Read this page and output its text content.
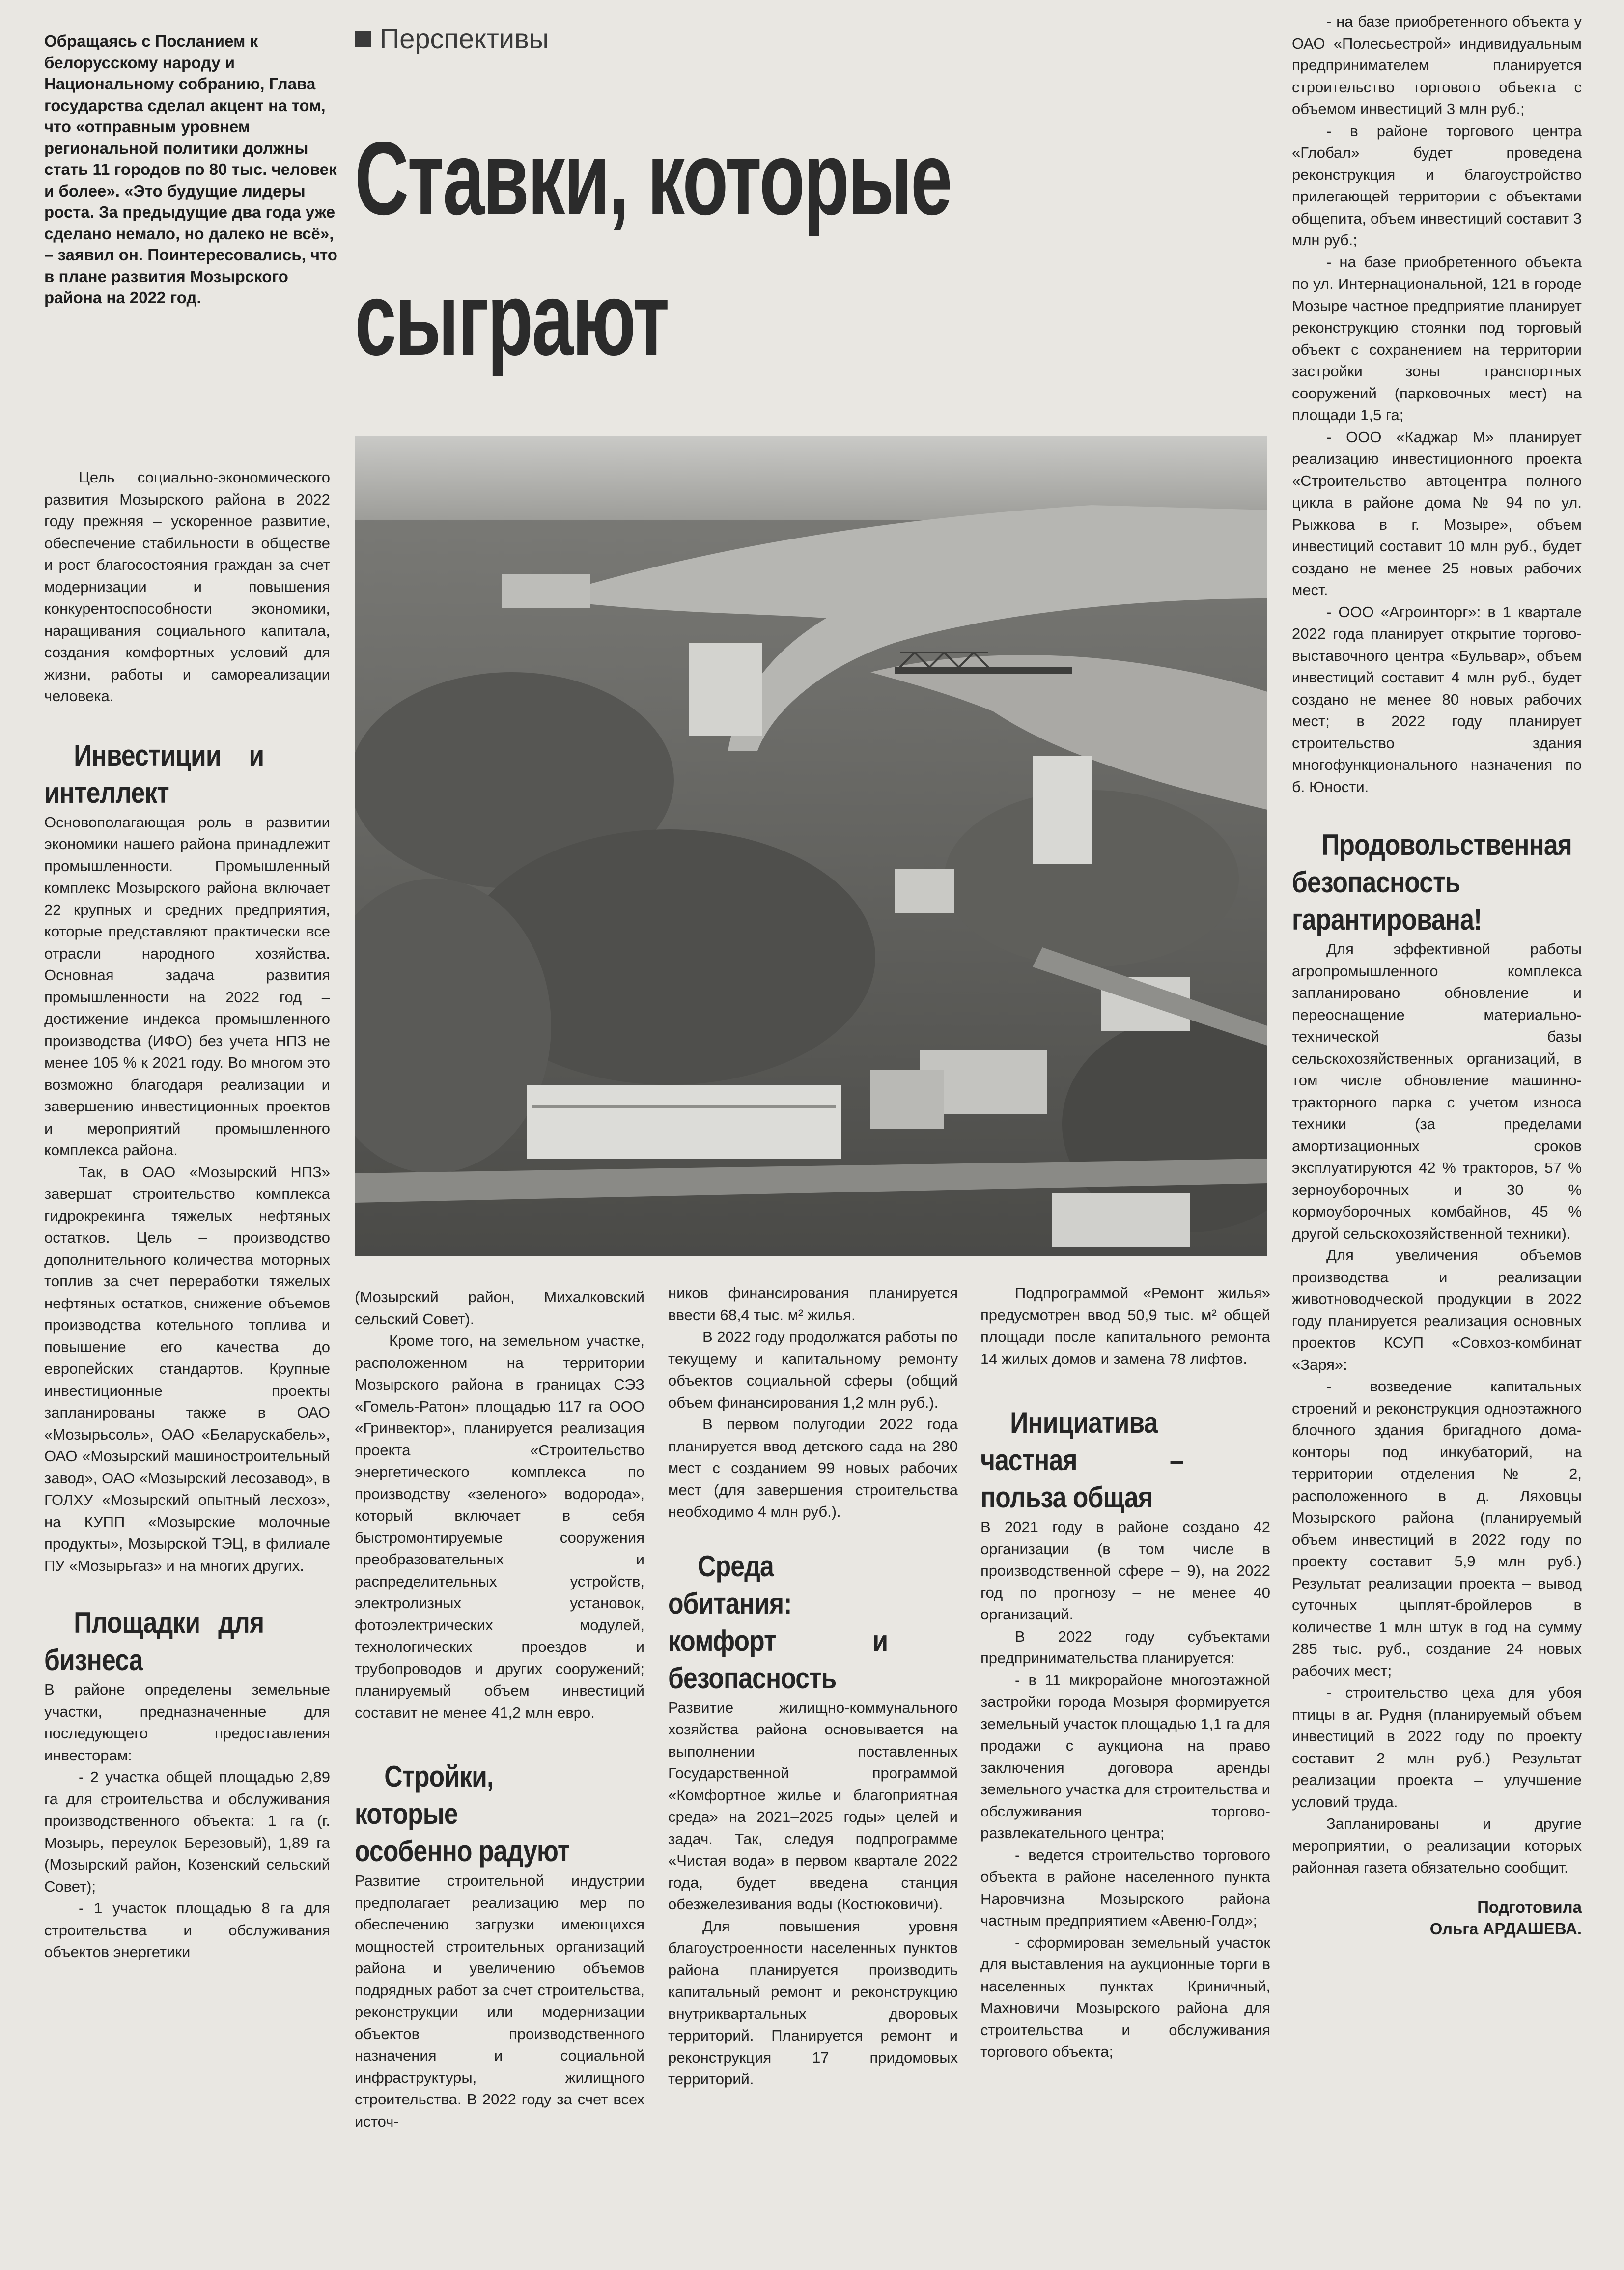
Обращаясь с Посланием к белорусскому народу и Национальному собранию, Глава государства сделал акцент на том, что «отправным уровнем региональной политики должны стать 11 городов по 80 тыс. человек и более». «Это будущие лидеры роста. За предыдущие два года уже сделано немало, но далеко не всё», – заявил он. Поинтересовались, что в плане развития Мозырского района на 2022 год.
Перспективы
Ставки, которые сыграют

Цель социально-экономического развития Мозырского района в 2022 году прежняя – ускоренное развитие, обеспечение стабильности в обществе и рост благосостояния граждан за счет модернизации и повышения конкурентоспособности экономики, наращивания социального капитала, создания комфортных условий для жизни, работы и самореализации человека.

Инвестиции и интеллект

Основополагающая роль в развитии экономики нашего района принадлежит промышленности. Промышленный комплекс Мозырского района включает 22 крупных и средних предприятия, которые представляют практически все отрасли народного хозяйства. Основная задача развития промышленности на 2022 год – достижение индекса промышленного производства (ИФО) без учета НПЗ не менее 105 % к 2021 году. Во многом это возможно благодаря реализации и завершению инвестиционных проектов и мероприятий промышленного комплекса района.

Так, в ОАО «Мозырский НПЗ» завершат строительство комплекса гидрокрекинга тяжелых нефтяных остатков. Цель – производство дополнительного количества моторных топлив за счет переработки тяжелых нефтяных остатков, снижение объемов производства котельного топлива и повышение его качества до европейских стандартов. Крупные инвестиционные проекты запланированы также в ОАО «Мозырьсоль», ОАО «Беларускабель», ОАО «Мозырский машиностроительный завод», ОАО «Мозырский лесозавод», в ГОЛХУ «Мозырский опытный лесхоз», на КУПП «Мозырские молочные продукты», Мозырской ТЭЦ, в филиале ПУ «Мозырьгаз» и на многих других.

Площадки для бизнеса

В районе определены земельные участки, предназначенные для последующего предоставления инвесторам:

- 2 участка общей площадью 2,89 га для строительства и обслуживания производственного объекта: 1 га (г. Мозырь, переулок Березовый), 1,89 га (Мозырский район, Козенский сельский Совет);

- 1 участок площадью 8 га для строительства и обслуживания объектов энергетики

(Мозырский район, Михалковский сельский Совет).

Кроме того, на земельном участке, расположенном на территории Мозырского района в границах СЭЗ «Гомель-Ратон» площадью 117 га ООО «Гринвектор», планируется реализация проекта «Строительство энергетического комплекса по производству «зеленого» водорода», который включает в себя быстромонтируемые сооружения преобразовательных и распределительных устройств, электролизных установок, фотоэлектрических модулей, технологических проездов и трубопроводов и других сооружений; планируемый объем инвестиций составит не менее 41,2 млн евро.

Стройки, которые особенно радуют

Развитие строительной индустрии предполагает реализацию мер по обеспечению загрузки имеющихся мощностей строительных организаций района и увеличению объемов подрядных работ за счет строительства, реконструкции или модернизации объектов производственного назначения и социальной инфраструктуры, жилищного строительства. В 2022 году за счет всех источ-

ников финансирования планируется ввести 68,4 тыс. м² жилья.

В 2022 году продолжатся работы по текущему и капитальному ремонту объектов социальной сферы (общий объем финансирования 1,2 млн руб.).

В первом полугодии 2022 года планируется ввод детского сада на 280 мест с созданием 99 новых рабочих мест (для завершения строительства необходимо 4 млн руб.).

Среда обитания: комфорт и безопасность

Развитие жилищно-коммунального хозяйства района основывается на выполнении поставленных Государственной программой «Комфортное жилье и благоприятная среда» на 2021–2025 годы» целей и задач. Так, следуя подпрограмме «Чистая вода» в первом квартале 2022 года, будет введена станция обезжелезивания воды (Костюковичи).

Для повышения уровня благоустроенности населенных пунктов района планируется производить капитальный ремонт и реконструкцию внутриквартальных дворовых территорий. Планируется ремонт и реконструкция 17 придомовых территорий.

Подпрограммой «Ремонт жилья» предусмотрен ввод 50,9 тыс. м² общей площади после капитального ремонта 14 жилых домов и замена 78 лифтов.

Инициатива частная – польза общая

В 2021 году в районе создано 42 организации (в том числе в производственной сфере – 9), на 2022 год по прогнозу – не менее 40 организаций.

В 2022 году субъектами предпринимательства планируется:

- в 11 микрорайоне многоэтажной застройки города Мозыря формируется земельный участок площадью 1,1 га для продажи с аукциона на право заключения договора аренды земельного участка для строительства и обслуживания торгово-развлекательного центра;

- ведется строительство торгового объекта в районе населенного пункта Наровчизна Мозырского района частным предприятием «Авеню-Голд»;

- сформирован земельный участок для выставления на аукционные торги в населенных пунктах Криничный, Махновичи Мозырского района для строительства и обслуживания торгового объекта;

- на базе приобретенного объекта у ОАО «Полесьестрой» индивидуальным предпринимателем планируется строительство торгового объекта с объемом инвестиций 3 млн руб.;

- в районе торгового центра «Глобал» будет проведена реконструкция и благоустройство прилегающей территории с объектами общепита, объем инвестиций составит 3 млн руб.;

- на базе приобретенного объекта по ул. Интернациональной, 121 в городе Мозыре частное предприятие планирует реконструкцию стоянки под торговый объект с сохранением на территории застройки зоны транспортных сооружений (парковочных мест) на площади 1,5 га;

- ООО «Каджар М» планирует реализацию инвестиционного проекта «Строительство автоцентра полного цикла в районе дома № 94 по ул. Рыжкова в г. Мозыре», объем инвестиций составит 10 млн руб., будет создано не менее 25 новых рабочих мест.

- ООО «Агроинторг»: в 1 квартале 2022 года планирует открытие торгово-выставочного центра «Бульвар», объем инвестиций составит 4 млн руб., будет создано не менее 80 новых рабочих мест; в 2022 году планирует строительство здания многофункционального назначения по б. Юности.

Продовольственная безопасность гарантирована!

Для эффективной работы агропромышленного комплекса запланировано обновление и переоснащение материально-технической базы сельскохозяйственных организаций, в том числе обновление машинно-тракторного парка с учетом износа техники (за пределами амортизационных сроков эксплуатируются 42 % тракторов, 57 % зерноуборочных и 30 % кормоуборочных комбайнов, 45 % другой сельскохозяйственной техники).

Для увеличения объемов производства и реализации животноводческой продукции в 2022 году планируется реализация основных проектов КСУП «Совхоз-комбинат «Заря»:

- возведение капитальных строений и реконструкция одноэтажного блочного здания бригадного дома-конторы под инкубаторий, на территории отделения № 2, расположенного в д. Ляховцы Мозырского района (планируемый объем инвестиций в 2022 году по проекту составит 5,9 млн руб.) Результат реализации проекта – вывод суточных цыплят-бройлеров в количестве 1 млн штук в год на сумму 285 тыс. руб., создание 24 новых рабочих мест;

- строительство цеха для убоя птицы в аг. Рудня (планируемый объем инвестиций в 2022 году по проекту составит 2 млн руб.) Результат реализации проекта – улучшение условий труда.

Запланированы и другие мероприятии, о реализации которых районная газета обязательно сообщит.

Подготовила

Ольга АРДАШЕВА.
